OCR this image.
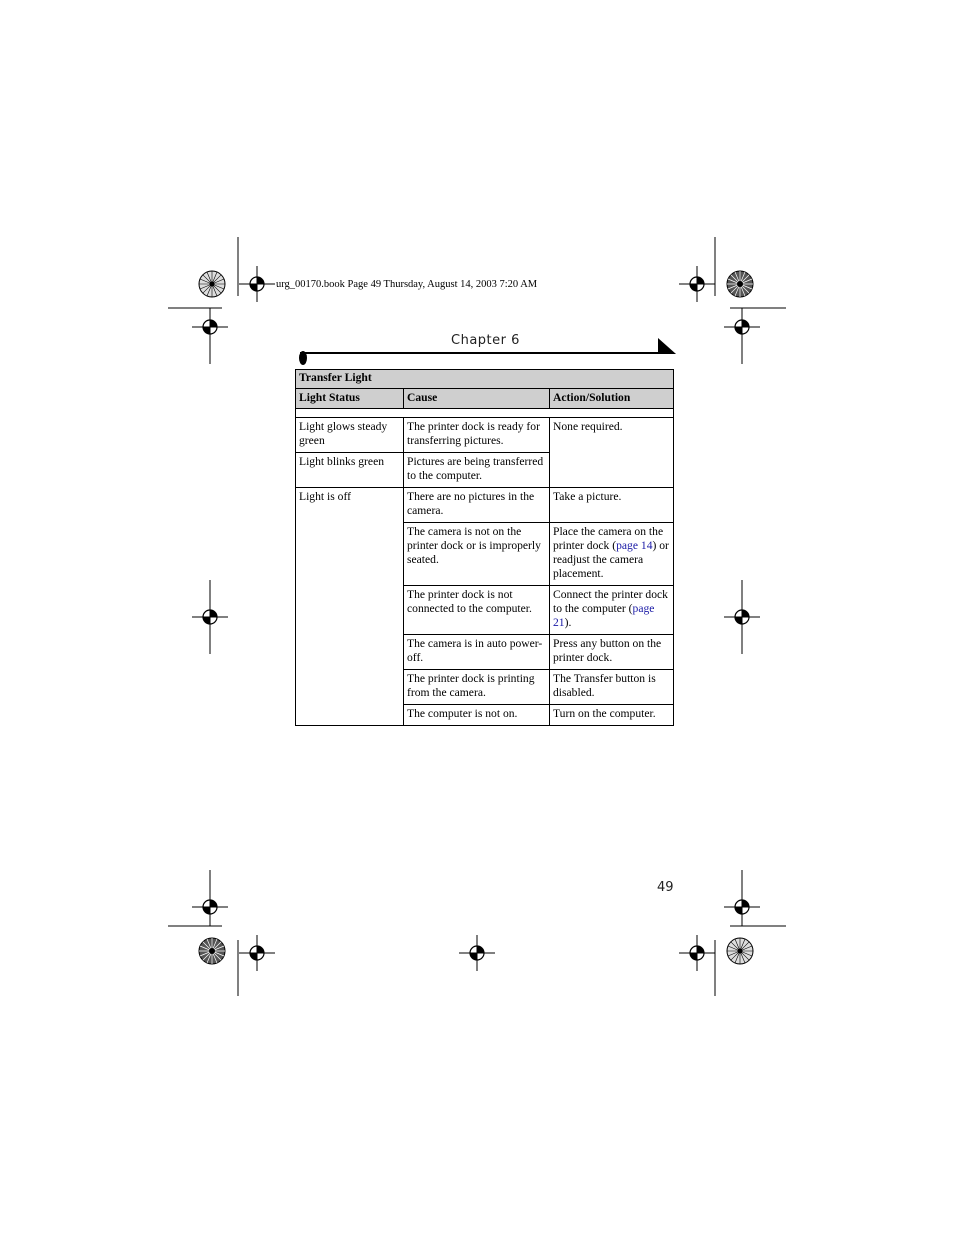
urg_00170.book Page 49 Thursday, August 14, 2003 7:20 AM
Chapter 6
Transfer Light		
Light Status	Cause	Action/Solution

Light glows steady green	The printer dock is ready for transferring pictures.	None required.
Light blinks green	Pictures are being transferred to the computer.	
Light is off	There are no pictures in the camera.	Take a picture.
	The camera is not on the printer dock or is improperly seated.	Place the camera on the printer dock (page 14) or readjust the camera placement.
	The printer dock is not connected to the computer.	Connect the printer dock to the computer (page 21).
	The camera is in auto power-off.	Press any button on the printer dock.
	The printer dock is printing from the camera.	The Transfer button is disabled.
	The computer is not on.	Turn on the computer.
49
